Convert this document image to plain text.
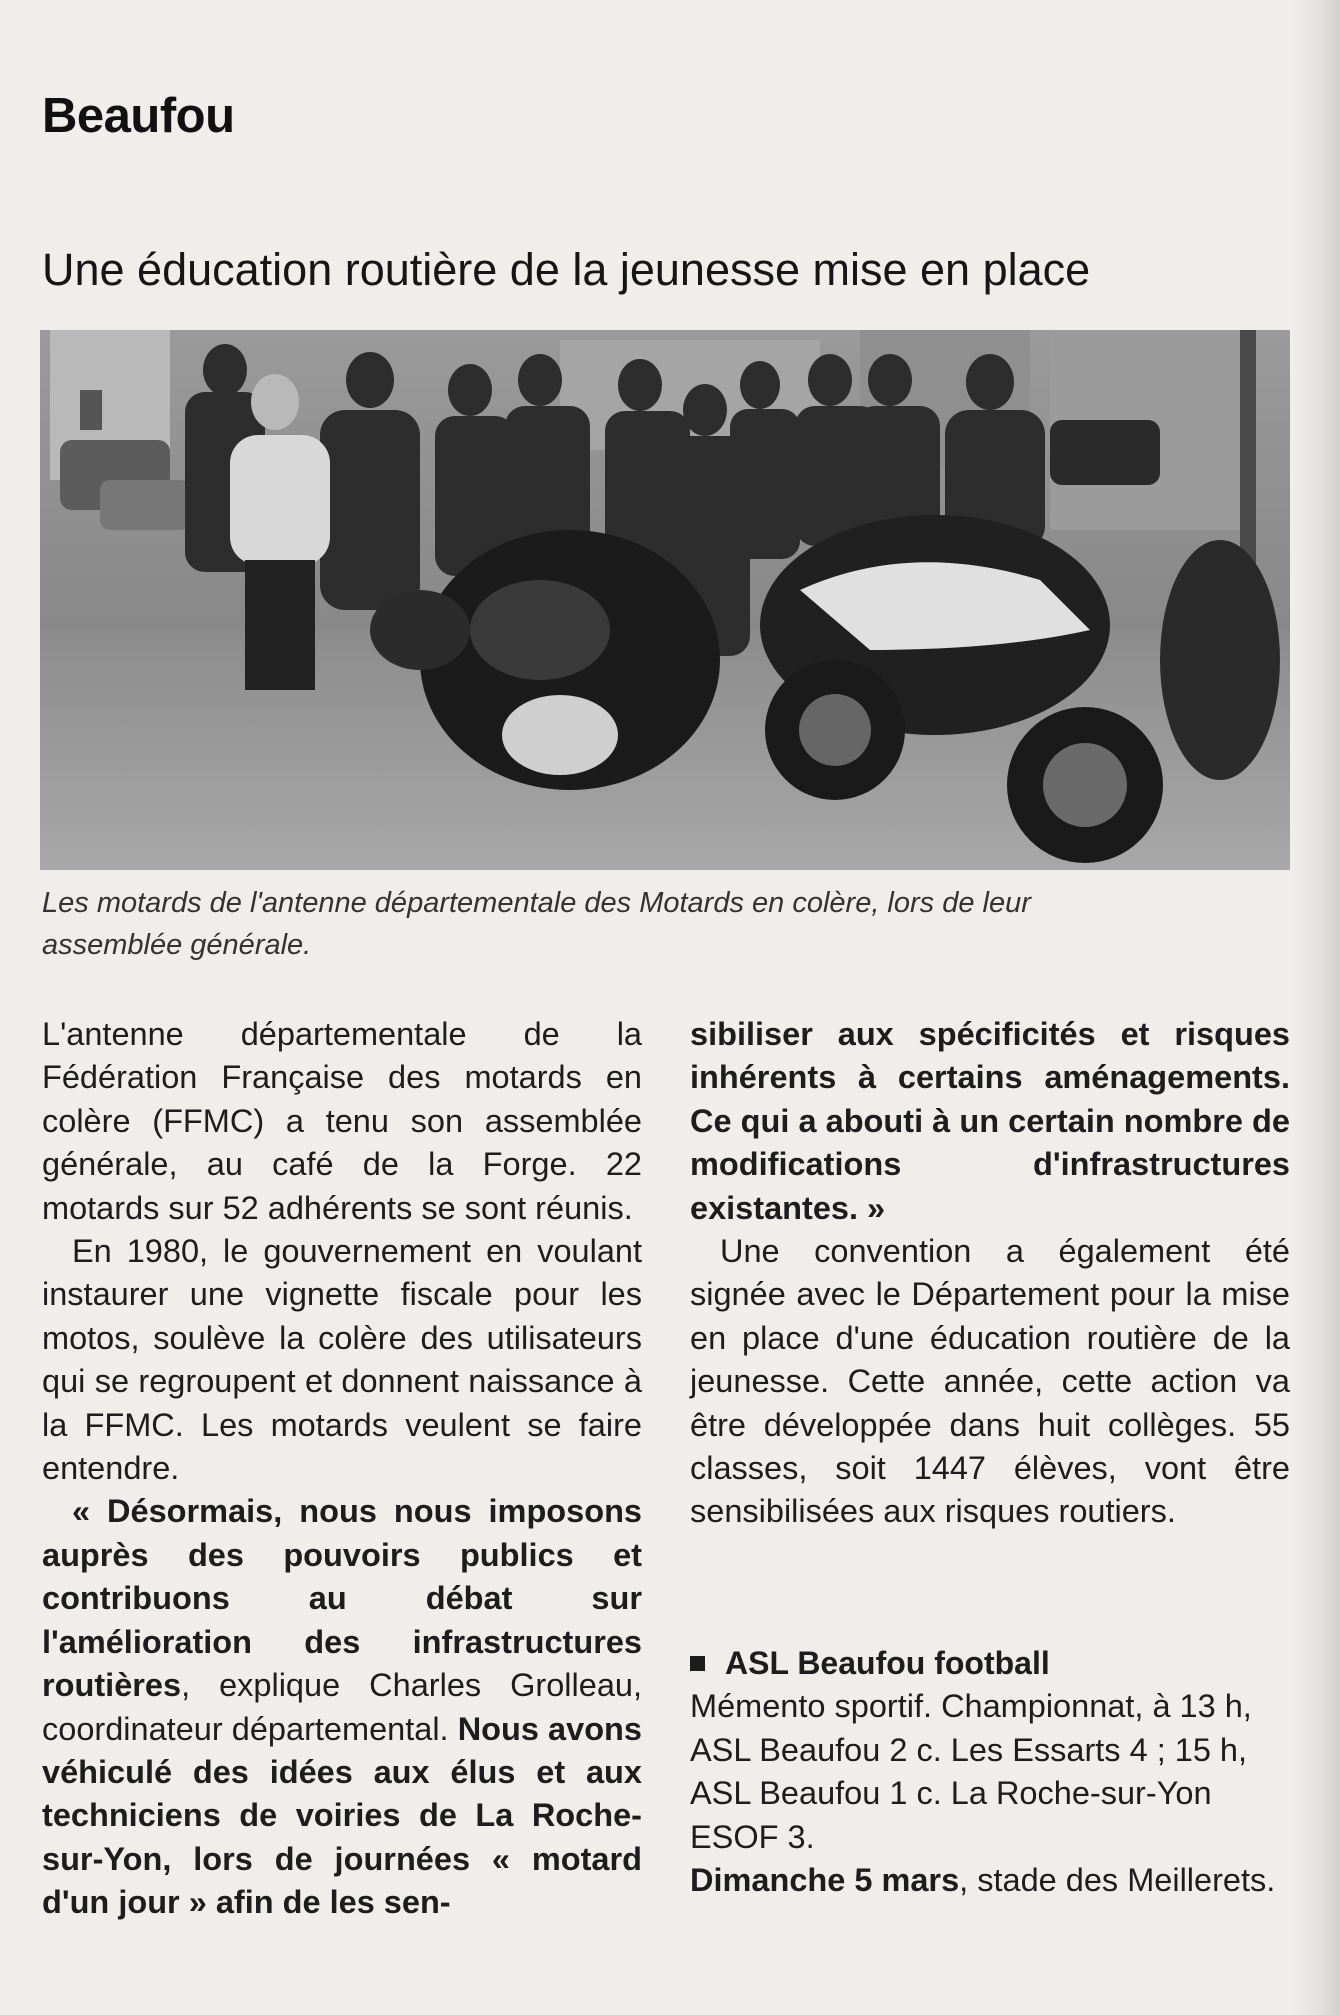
Beaufou
Une éducation routière de la jeunesse mise en place

Les motards de l'antenne départementale des Motards en colère, lors de leur assemblée générale.

L'antenne départementale de la Fédération Française des motards en colère (FFMC) a tenu son assemblée générale, au café de la Forge. 22 motards sur 52 adhérents se sont réunis.

En 1980, le gouvernement en voulant instaurer une vignette fiscale pour les motos, soulève la colère des utilisateurs qui se regroupent et donnent naissance à la FFMC. Les motards veulent se faire entendre.

« Désormais, nous nous imposons auprès des pouvoirs publics et contribuons au débat sur l'amélioration des infrastructures routières, explique Charles Grolleau, coordinateur départemental. Nous avons véhiculé des idées aux élus et aux techniciens de voiries de La Roche-sur-Yon, lors de journées « motard d'un jour » afin de les sen-

sibiliser aux spécificités et risques inhérents à certains aménagements. Ce qui a abouti à un certain nombre de modifications d'infrastructures existantes. »

Une convention a également été signée avec le Département pour la mise en place d'une éducation routière de la jeunesse. Cette année, cette action va être développée dans huit collèges. 55 classes, soit 1447 élèves, vont être sensibilisées aux risques routiers.

ASL Beaufou football

Mémento sportif. Championnat, à 13 h, ASL Beaufou 2 c. Les Essarts 4 ; 15 h, ASL Beaufou 1 c. La Roche-sur-Yon ESOF 3.

Dimanche 5 mars, stade des Meillerets.
